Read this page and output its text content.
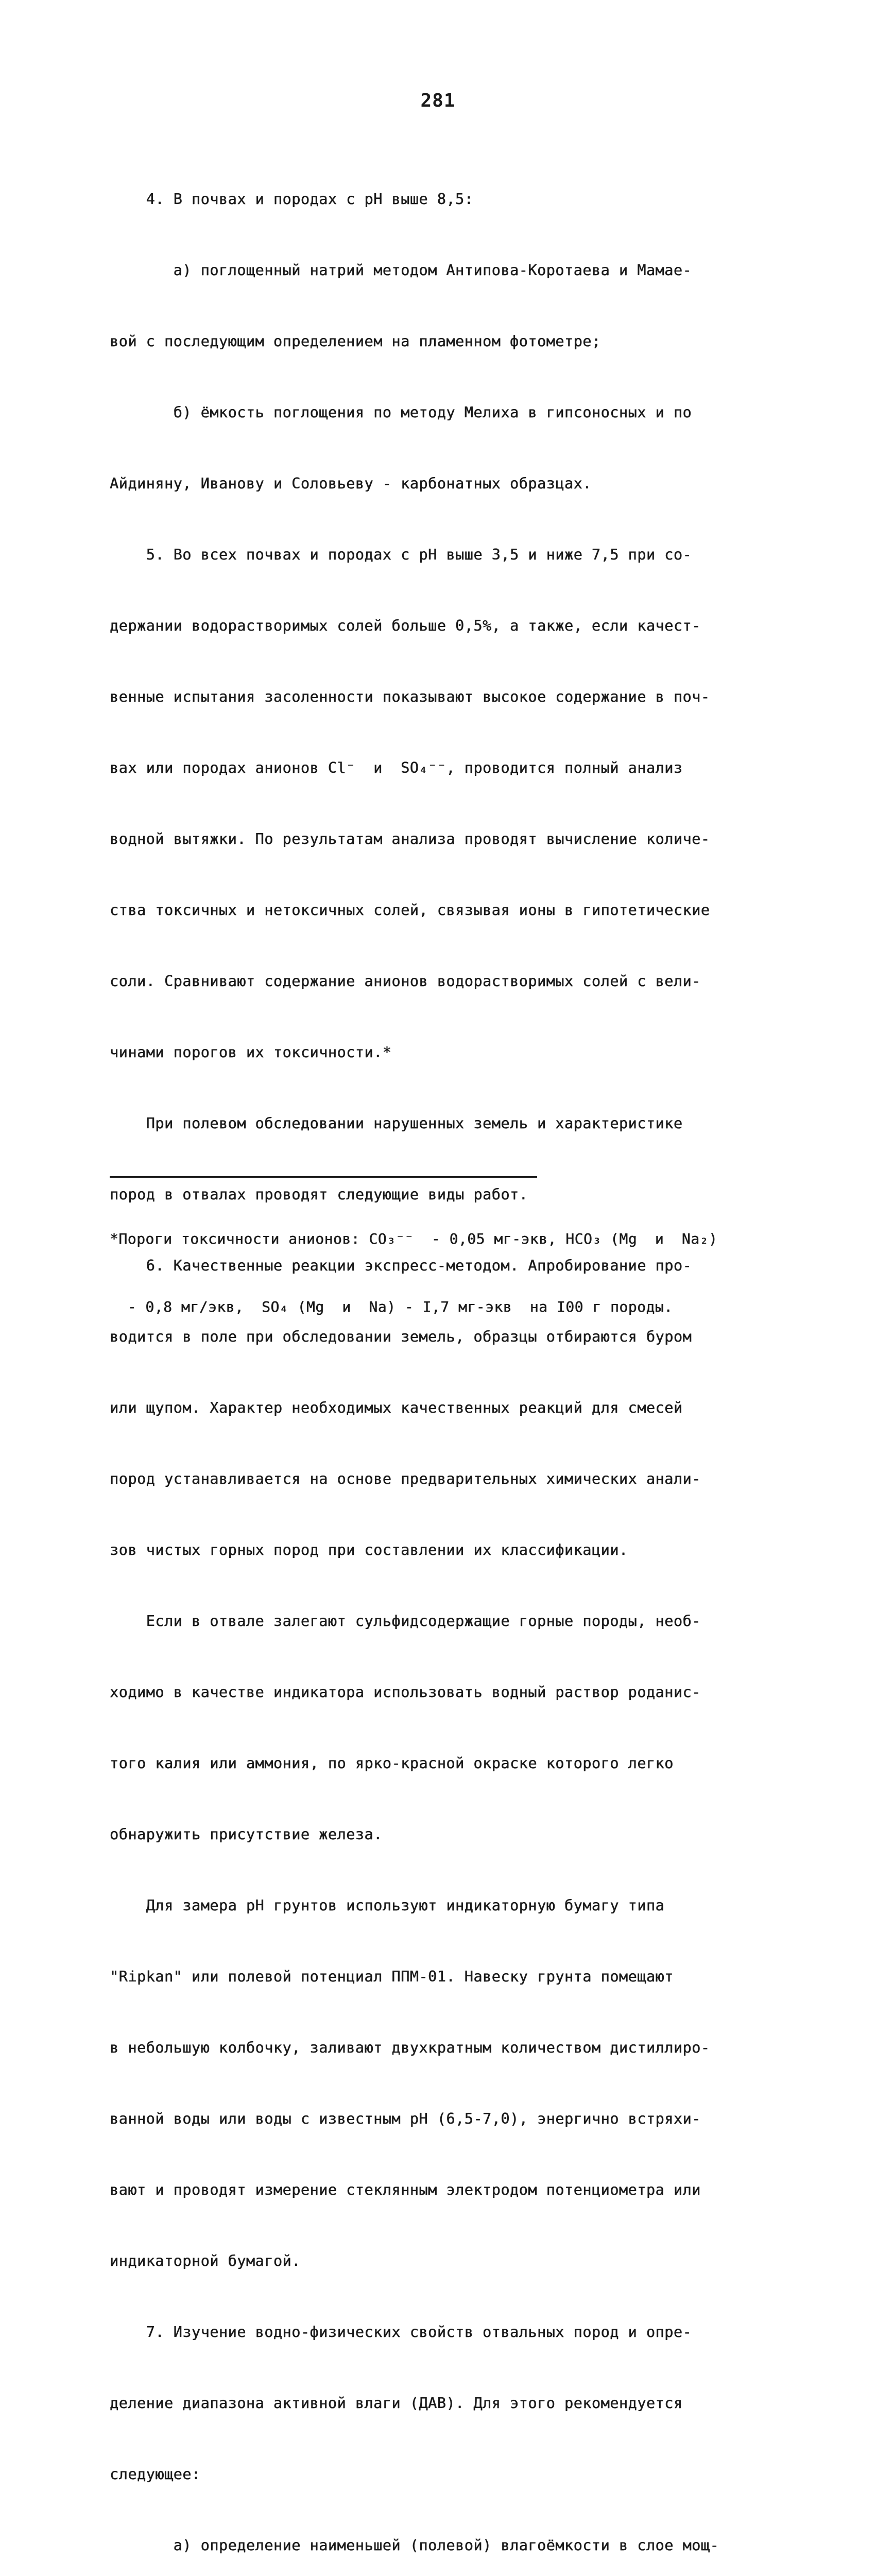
281

4. В почвах и породах с pH выше 8,5:

а) поглощенный натрий методом Антипова-Коротаева и Мамае-

вой с последующим определением на пламенном фотометре;

б) ёмкость поглощения по методу Мелиха в гипсоносных и по

Айдиняну, Иванову и Соловьеву - карбонатных образцах.

5. Во всех почвах и породах с pH выше 3,5 и ниже 7,5 при со-

держании водорастворимых солей больше 0,5%, а также, если качест-

венные испытания засоленности показывают высокое содержание в поч-

вах или породах анионов Cl⁻  и  SO₄⁻⁻, проводится полный анализ

водной вытяжки. По результатам анализа проводят вычисление количе-

ства токсичных и нетоксичных солей, связывая ионы в гипотетические

соли. Сравнивают содержание анионов водорастворимых солей с вели-

чинами порогов их токсичности.*

При полевом обследовании нарушенных земель и характеристике

пород в отвалах проводят следующие виды работ.

6. Качественные реакции экспресс-методом. Апробирование про-

водится в поле при обследовании земель, образцы отбираются буром

или щупом. Характер необходимых качественных реакций для смесей

пород устанавливается на основе предварительных химических анали-

зов чистых горных пород при составлении их классификации.

Если в отвале залегают сульфидсодержащие горные породы, необ-

ходимо в качестве индикатора использовать водный раствор роданис-

того калия или аммония, по ярко-красной окраске которого легко

обнаружить присутствие железа.

Для замера pH грунтов используют индикаторную бумагу типа

"Ripkan" или полевой потенциал ППМ-01. Навеску грунта помещают

в небольшую колбочку, заливают двухкратным количеством дистиллиро-

ванной воды или воды с известным pH (6,5-7,0), энергично встряхи-

вают и проводят измерение стеклянным электродом потенциометра или

индикаторной бумагой.

7. Изучение водно-физических свойств отвальных пород и опре-

деление диапазона активной влаги (ДАВ). Для этого рекомендуется

следующее:

а) определение наименьшей (полевой) влагоёмкости в слое мощ-

*Пороги токсичности анионов: CO₃⁻⁻  - 0,05 мг-экв, HCO₃ (Mg  и  Na₂)

- 0,8 мг/экв,  SO₄ (Mg  и  Na) - I,7 мг-экв  на I00 г породы.
